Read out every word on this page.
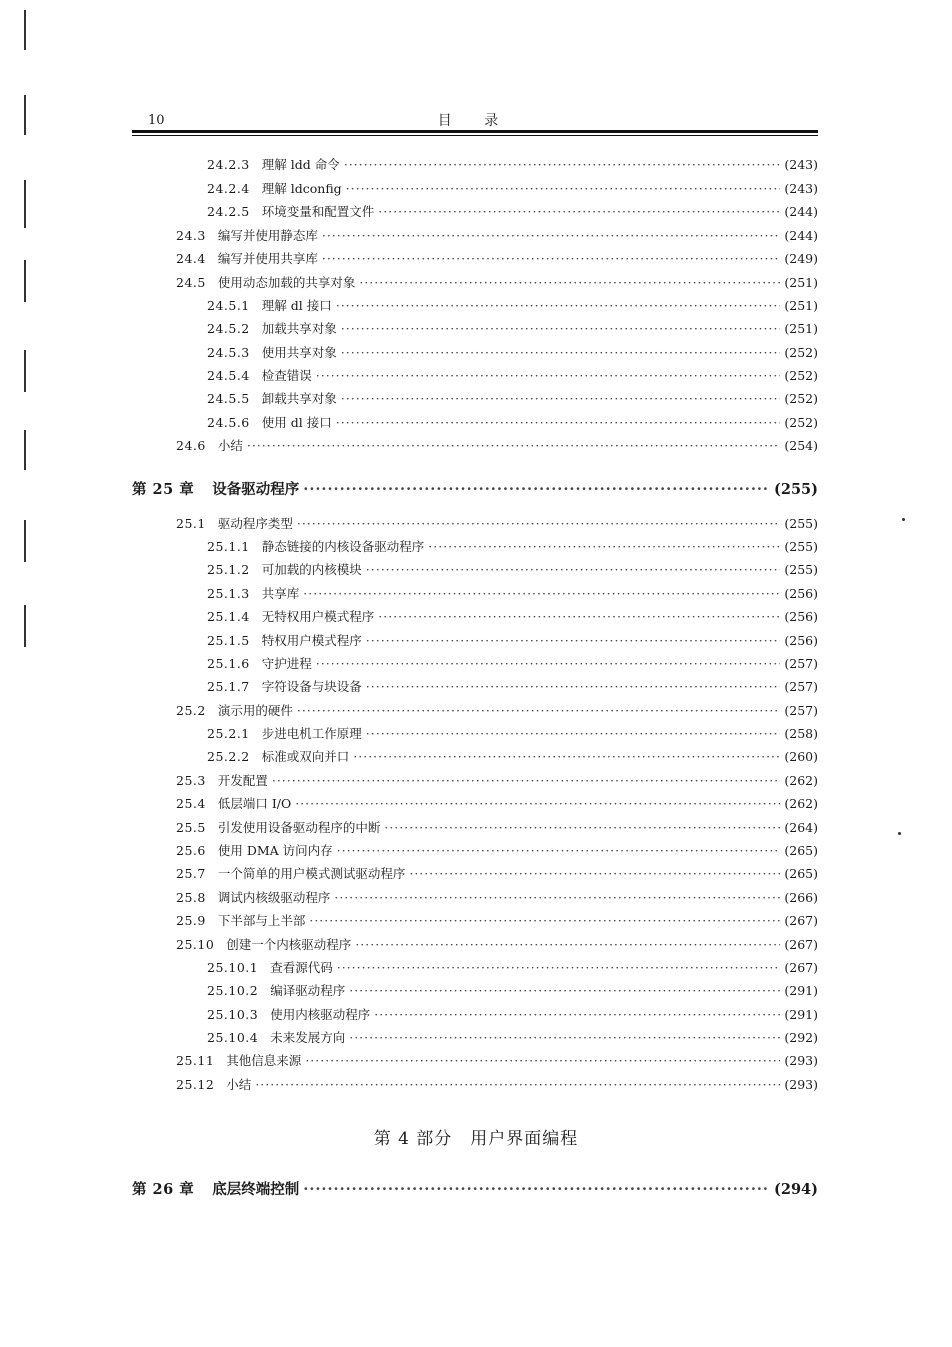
10	目 录
24.2.3 理解 ldd 命令 ·····	(243)
24.2.4 理解 ldconfig ·····	(243)
24.2.5 环境变量和配置文件 ·····	(244)
24.3 编写并使用静态库 ·····	(244)
24.4 编写并使用共享库 ·····	(249)
24.5 使用动态加载的共享对象 ·····	(251)
24.5.1 理解 dl 接口 ·····	(251)
24.5.2 加载共享对象 ·····	(251)
24.5.3 使用共享对象 ·····	(252)
24.5.4 检查错误 ·····	(252)
24.5.5 卸载共享对象 ·····	(252)
24.5.6 使用 dl 接口 ·····	(252)
24.6 小结 ·····	(254)
第 25 章 设备驱动程序 ·····	(255)
25.1 驱动程序类型 ·····	(255)
25.1.1 静态链接的内核设备驱动程序 ·····	(255)
25.1.2 可加载的内核模块 ·····	(255)
25.1.3 共享库 ·····	(256)
25.1.4 无特权用户模式程序 ·····	(256)
25.1.5 特权用户模式程序 ·····	(256)
25.1.6 守护进程 ·····	(257)
25.1.7 字符设备与块设备 ·····	(257)
25.2 演示用的硬件 ·····	(257)
25.2.1 步进电机工作原理 ·····	(258)
25.2.2 标准或双向并口 ·····	(260)
25.3 开发配置 ·····	(262)
25.4 低层端口 I/O ·····	(262)
25.5 引发使用设备驱动程序的中断 ·····	(264)
25.6 使用 DMA 访问内存 ·····	(265)
25.7 一个简单的用户模式测试驱动程序 ·····	(265)
25.8 调试内核级驱动程序 ·····	(266)
25.9 下半部与上半部 ·····	(267)
25.10 创建一个内核驱动程序 ·····	(267)
25.10.1 查看源代码 ·····	(267)
25.10.2 编译驱动程序 ·····	(291)
25.10.3 使用内核驱动程序 ·····	(291)
25.10.4 未来发展方向 ·····	(292)
25.11 其他信息来源 ·····	(293)
25.12 小结 ·····	(293)
第 26 章 底层终端控制 ·····	(294)
第 4 部分　用户界面编程
